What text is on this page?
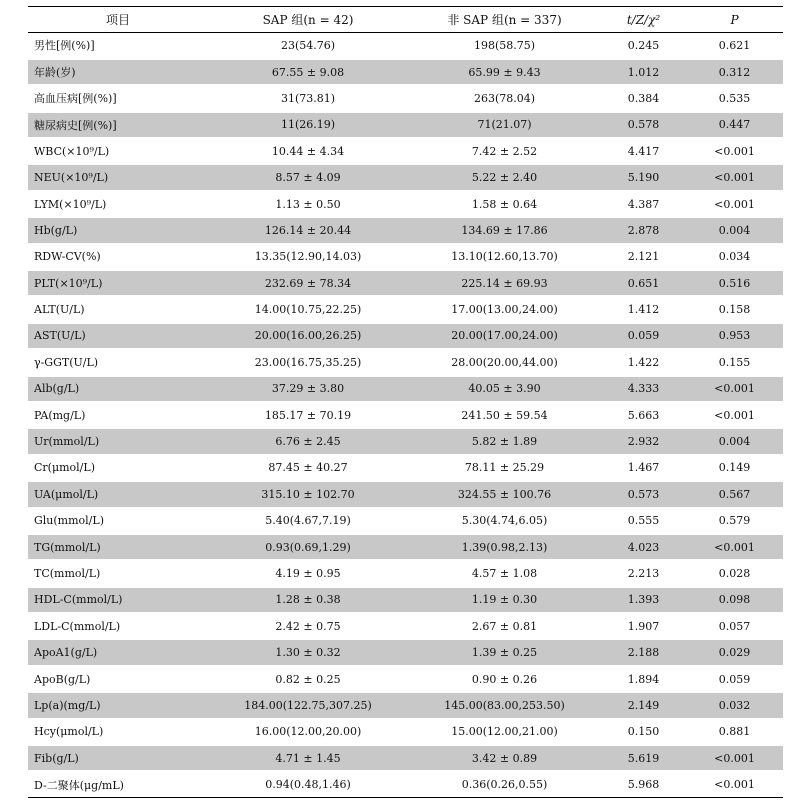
项目	SAP 组(n = 42)	非 SAP 组(n = 337)	t/Z/χ²	P
男性[例(%)]	23(54.76)	198(58.75)	0.245	0.621
年龄(岁)	67.55 ± 9.08	65.99 ± 9.43	1.012	0.312
高血压病[例(%)]	31(73.81)	263(78.04)	0.384	0.535
糖尿病史[例(%)]	11(26.19)	71(21.07)	0.578	0.447
WBC(×10⁹/L)	10.44 ± 4.34	7.42 ± 2.52	4.417	<0.001
NEU(×10⁹/L)	8.57 ± 4.09	5.22 ± 2.40	5.190	<0.001
LYM(×10⁹/L)	1.13 ± 0.50	1.58 ± 0.64	4.387	<0.001
Hb(g/L)	126.14 ± 20.44	134.69 ± 17.86	2.878	0.004
RDW-CV(%)	13.35(12.90,14.03)	13.10(12.60,13.70)	2.121	0.034
PLT(×10⁹/L)	232.69 ± 78.34	225.14 ± 69.93	0.651	0.516
ALT(U/L)	14.00(10.75,22.25)	17.00(13.00,24.00)	1.412	0.158
AST(U/L)	20.00(16.00,26.25)	20.00(17.00,24.00)	0.059	0.953
γ-GGT(U/L)	23.00(16.75,35.25)	28.00(20.00,44.00)	1.422	0.155
Alb(g/L)	37.29 ± 3.80	40.05 ± 3.90	4.333	<0.001
PA(mg/L)	185.17 ± 70.19	241.50 ± 59.54	5.663	<0.001
Ur(mmol/L)	6.76 ± 2.45	5.82 ± 1.89	2.932	0.004
Cr(μmol/L)	87.45 ± 40.27	78.11 ± 25.29	1.467	0.149
UA(μmol/L)	315.10 ± 102.70	324.55 ± 100.76	0.573	0.567
Glu(mmol/L)	5.40(4.67,7.19)	5.30(4.74,6.05)	0.555	0.579
TG(mmol/L)	0.93(0.69,1.29)	1.39(0.98,2.13)	4.023	<0.001
TC(mmol/L)	4.19 ± 0.95	4.57 ± 1.08	2.213	0.028
HDL-C(mmol/L)	1.28 ± 0.38	1.19 ± 0.30	1.393	0.098
LDL-C(mmol/L)	2.42 ± 0.75	2.67 ± 0.81	1.907	0.057
ApoA1(g/L)	1.30 ± 0.32	1.39 ± 0.25	2.188	0.029
ApoB(g/L)	0.82 ± 0.25	0.90 ± 0.26	1.894	0.059
Lp(a)(mg/L)	184.00(122.75,307.25)	145.00(83.00,253.50)	2.149	0.032
Hcy(μmol/L)	16.00(12.00,20.00)	15.00(12.00,21.00)	0.150	0.881
Fib(g/L)	4.71 ± 1.45	3.42 ± 0.89	5.619	<0.001
D-二聚体(μg/mL)	0.94(0.48,1.46)	0.36(0.26,0.55)	5.968	<0.001
